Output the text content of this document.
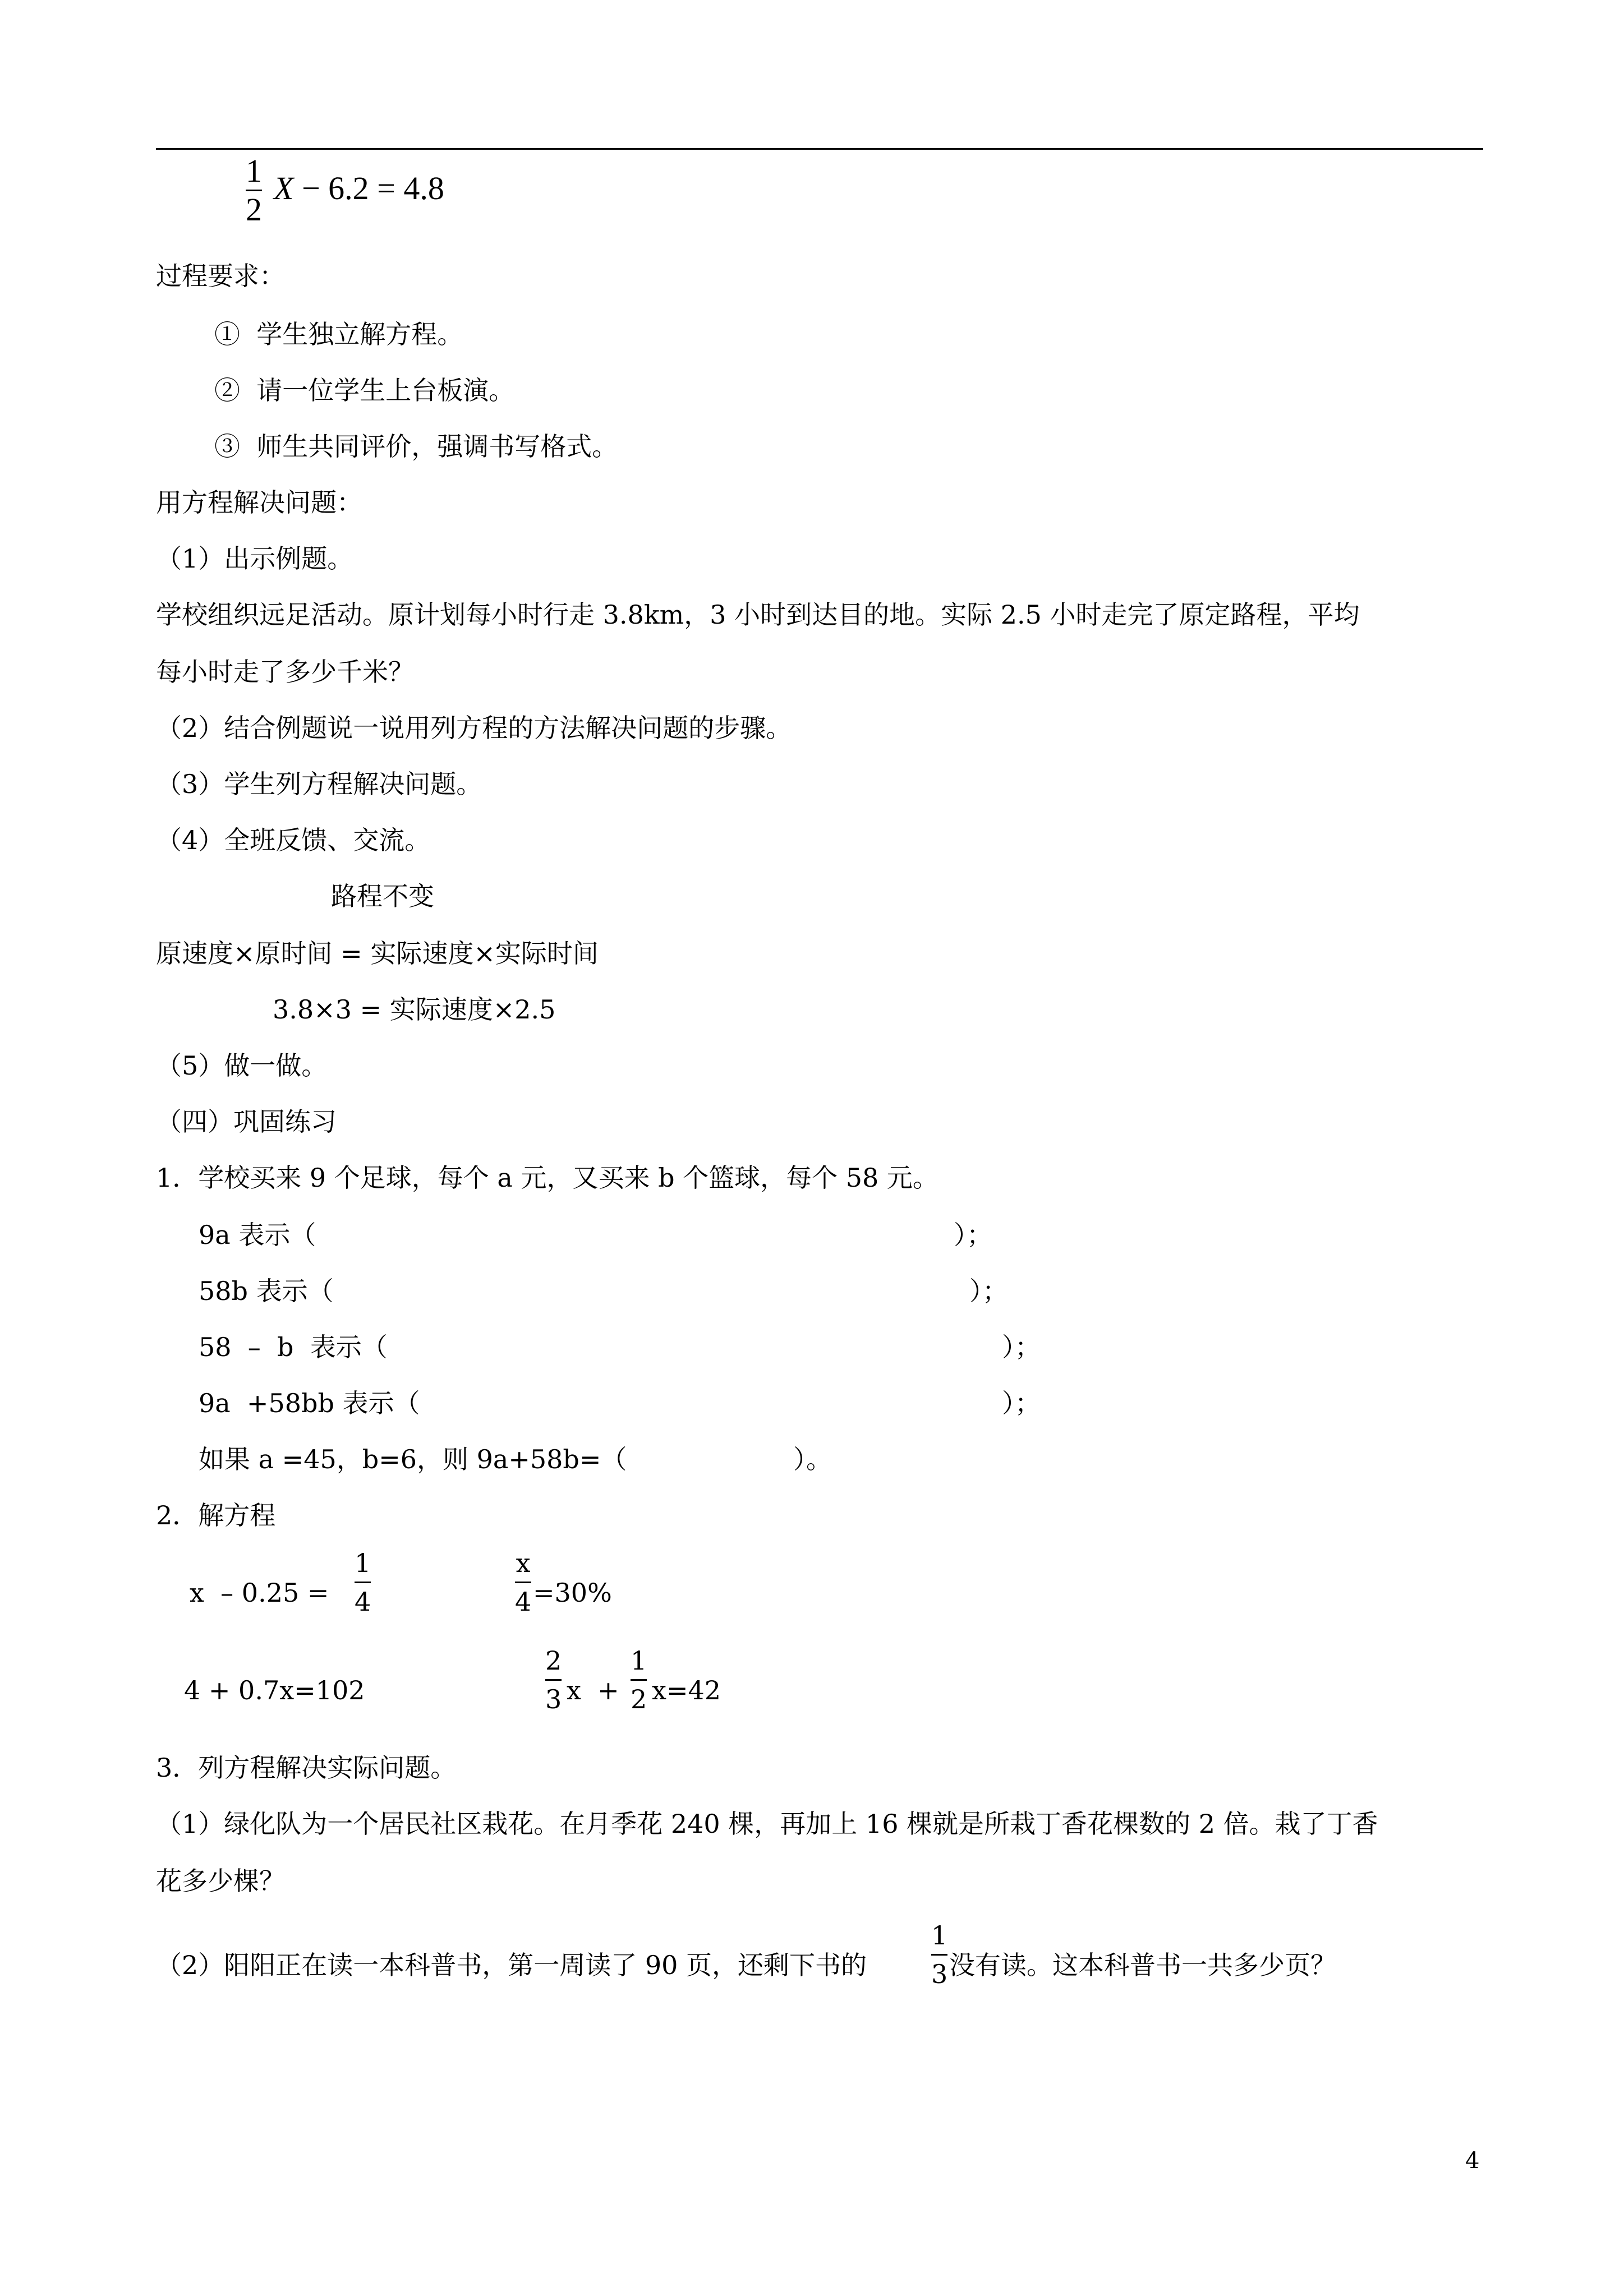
1
2
X − 6.2 = 4.8
过程要求：
①  学生独立解方程。
②  请一位学生上台板演。
③  师生共同评价，强调书写格式。
用方程解决问题：
（1）出示例题。
学校组织远足活动。原计划每小时行走 3.8km，3 小时到达目的地。实际 2.5 小时走完了原定路程，平均
每小时走了多少千米？
（2）结合例题说一说用列方程的方法解决问题的步骤。
（3）学生列方程解决问题。
（4）全班反馈、交流。
路程不变
原速度×原时间 = 实际速度×实际时间
3.8×3 = 实际速度×2.5
（5）做一做。
（四）巩固练习
1．学校买来 9 个足球，每个 a 元，又买来 b 个篮球，每个 58 元。
9a 表示（	）；
58b 表示（	）；
58  –  b  表示（	）；
9a  +58bb 表示（	）；
如果 a =45，b=6，则 9a+58b=（	）。
2．解方程
x  – 0.25 =
1
4
x
4 =30%
4 + 0.7x=102
2
3 x  +
1
2 x=42
3．列方程解决实际问题。
（1）绿化队为一个居民社区栽花。在月季花 240 棵，再加上 16 棵就是所栽丁香花棵数的 2 倍。栽了丁香
花多少棵？
（2）阳阳正在读一本科普书，第一周读了 90 页，还剩下书的
1
3 没有读。这本科普书一共多少页？
4
